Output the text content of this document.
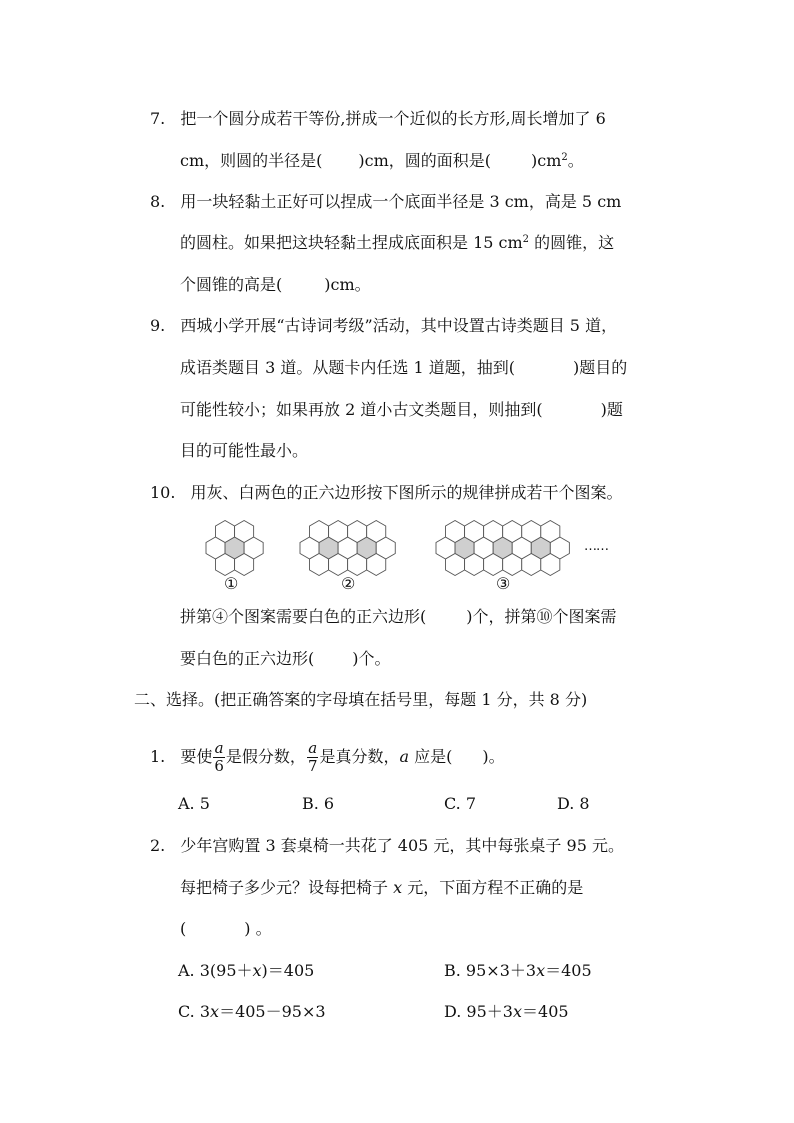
7. 把一个圆分成若干等份,拼成一个近似的长方形,周长增加了 6
cm，则圆的半径是( )cm，圆的面积是(	)$cm^2$。
8. 用一块轻黏土正好可以捏成一个底面半径是 3 cm，高是 5 cm
的圆柱。如果把这块轻黏土捏成底面积是 15 $cm^2$ 的圆锥，这
个圆锥的高是(	)cm。
9. 西城小学开展“古诗词考级”活动，其中设置古诗类题目 5 道，
成语类题目 3 道。从题卡内任选 1 道题，抽到(	)题目的
可能性较小；如果再放 2 道小古文类题目，则抽到(	)题
目的可能性最小。
10. 用灰、白两色的正六边形按下图所示的规律拼成若干个图案。
①	②	③
……
拼第④个图案需要白色的正六边形(	)个，拼第⑩个图案需
要白色的正六边形( )个。
二、选择。(把正确答案的字母填在括号里，每题 1 分，共 8 分)
1. 要使 $\frac{a}{6}$ 是假分数， $\frac{a}{7}$ 是真分数，a 应是( )。
A. 5	B. 6	C. 7	D. 8
2. 少年宫购置 3 套桌椅一共花了 405 元，其中每张桌子 95 元。
每把椅子多少元？设每把椅子 x 元，下面方程不正确的是
(	) 。
A. 3(95＋x)＝405	B. 95×3＋3x＝405
C. 3x＝405－95×3	D. 95＋3x＝405
